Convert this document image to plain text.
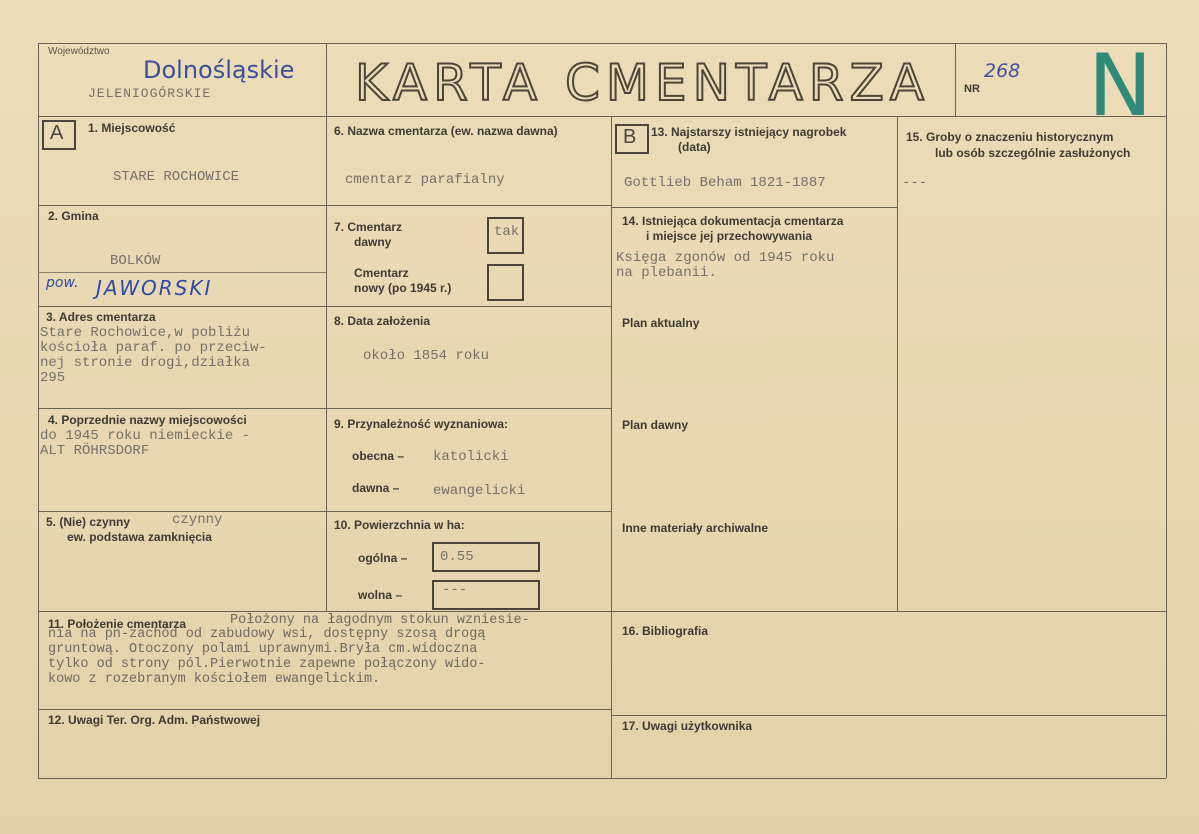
Województwo
Dolnośląskie
JELENIOGÓRSKIE	KARTA CMENTARZA	NR
268 N
A 1. Miejscowość
STARE ROCHOWICE
2. Gmina
BOLKÓW
pow. JAWORSKI
3. Adres cmentarza
Stare Rochowice,w pobliżu
kościoła paraf. po przeciw-
nej stronie drogi,działka
295
4. Poprzednie nazwy miejscowości
do 1945 roku niemieckie -
ALT RÖHRSDORF
5. (Nie) czynny	czynny
ew. podstawa zamknięcia
6. Nazwa cmentarza (ew. nazwa dawna)
cmentarz parafialny
7. Cmentarz
dawny
tak
Cmentarz
nowy (po 1945 r.)
8. Data założenia
około 1854 roku
9. Przynależność wyznaniowa:
obecna – katolicki
dawna – ewangelicki
10. Powierzchnia w ha:
ogólna – 0.55
wolna –	---
B 13. Najstarszy istniejący nagrobek
(data)
Gottlieb Beham 1821-1887
14. Istniejąca dokumentacja cmentarza
i miejsce jej przechowywania
Księga zgonów od 1945 roku
na plebanii.
Plan aktualny
Plan dawny
Inne materiały archiwalne
15. Groby o znaczeniu historycznym
lub osób szczególnie zasłużonych
---
11. Położenie cmentarza	Położony na łagodnym stokun wzniesie-
nia na pn-zachód od zabudowy wsi, dostępny szosą drogą
gruntową. Otoczony polami uprawnymi.Bryła cm.widoczna
tylko od strony pól.Pierwotnie zapewne połączony wido-
kowo z rozebranym kościołem ewangelickim.
16. Bibliografia
12. Uwagi Ter. Org. Adm. Państwowej	17. Uwagi użytkownika
